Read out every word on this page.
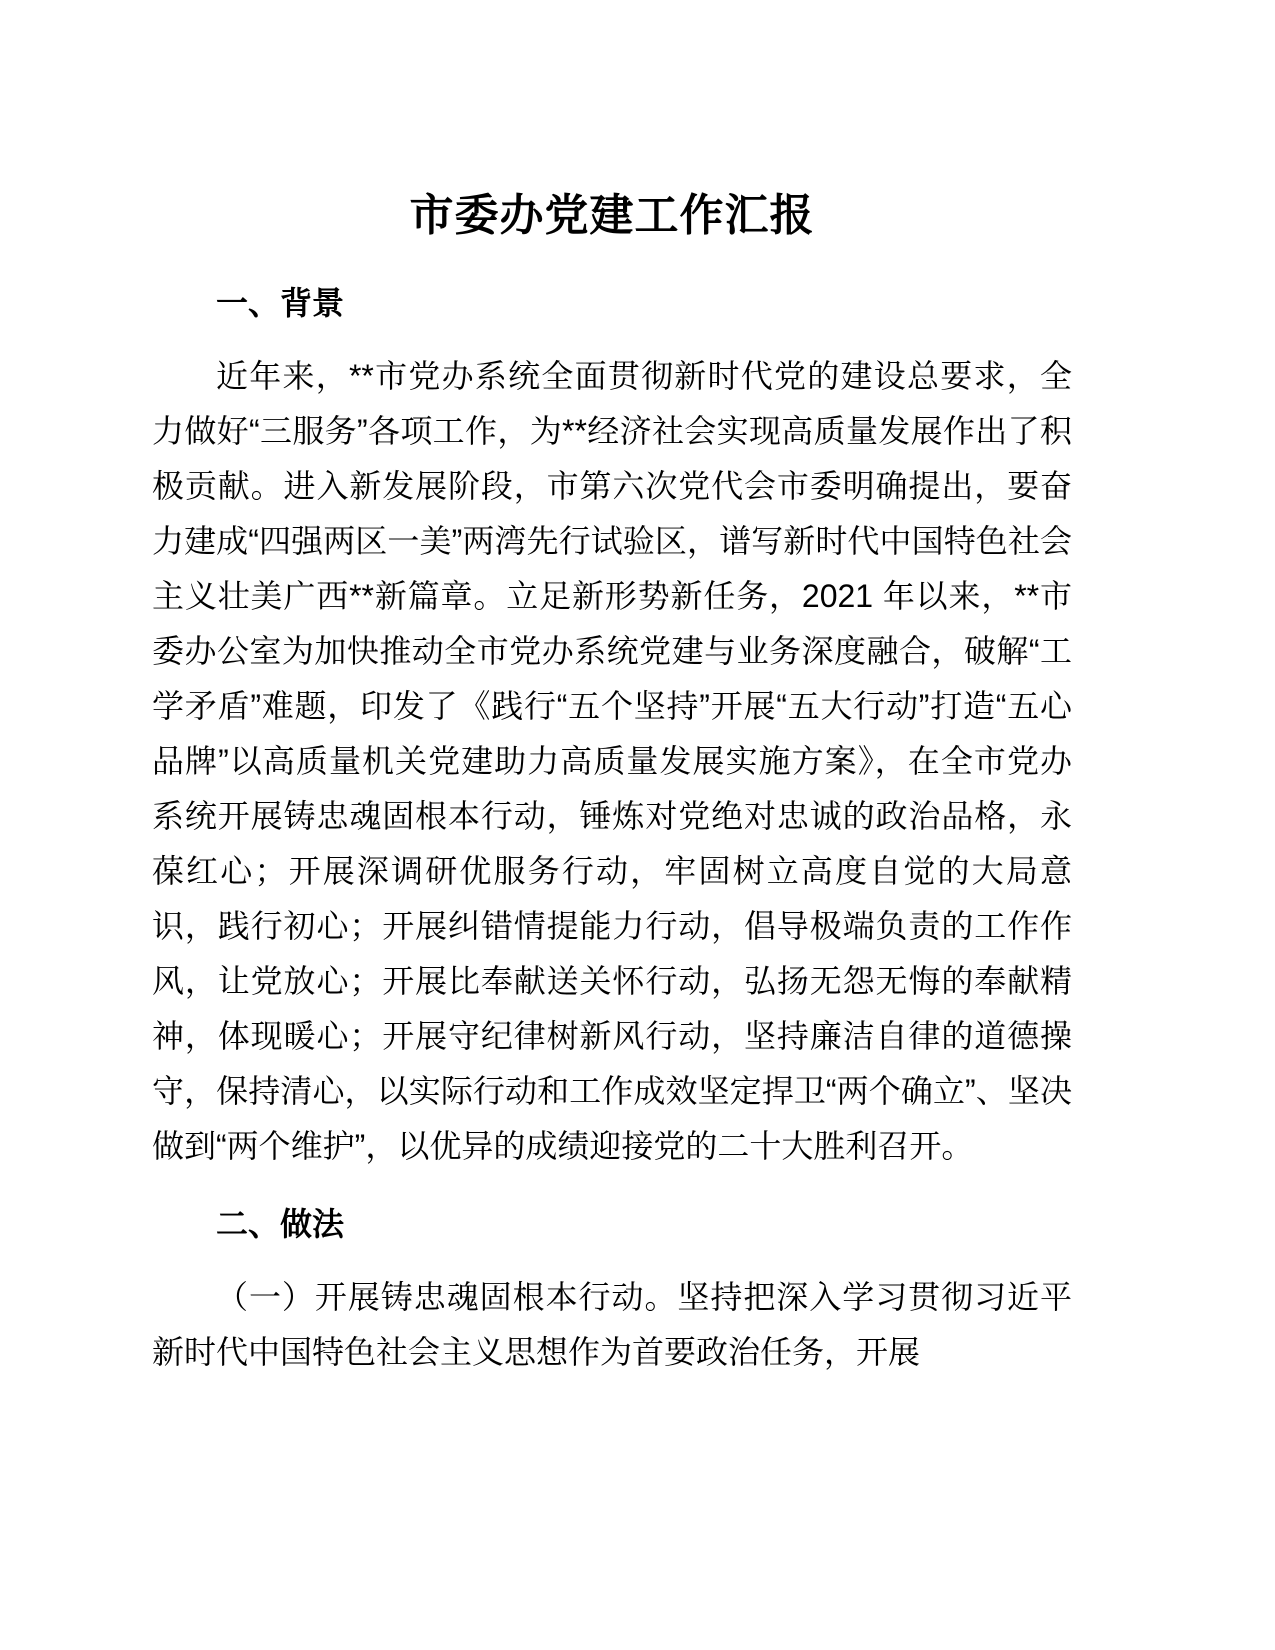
市委办党建工作汇报
一、背景

近年来，**市党办系统全面贯彻新时代党的建设总要求，全力做好“三服务”各项工作，为**经济社会实现高质量发展作出了积极贡献。进入新发展阶段，市第六次党代会市委明确提出，要奋力建成“四强两区一美”两湾先行试验区，谱写新时代中国特色社会主义壮美广西**新篇章。立足新形势新任务，2021 年以来，**市委办公室为加快推动全市党办系统党建与业务深度融合，破解“工学矛盾”难题，印发了《践行“五个坚持”开展“五大行动”打造“五心品牌”以高质量机关党建助力高质量发展实施方案》，在全市党办系统开展铸忠魂固根本行动，锤炼对党绝对忠诚的政治品格，永葆红心；开展深调研优服务行动，牢固树立高度自觉的大局意识，践行初心；开展纠错情提能力行动，倡导极端负责的工作作风，让党放心；开展比奉献送关怀行动，弘扬无怨无悔的奉献精神，体现暖心；开展守纪律树新风行动，坚持廉洁自律的道德操守，保持清心，以实际行动和工作成效坚定捍卫“两个确立”、坚决做到“两个维护”，以优异的成绩迎接党的二十大胜利召开。

二、做法

（一）开展铸忠魂固根本行动。坚持把深入学习贯彻习近平新时代中国特色社会主义思想作为首要政治任务，开展
